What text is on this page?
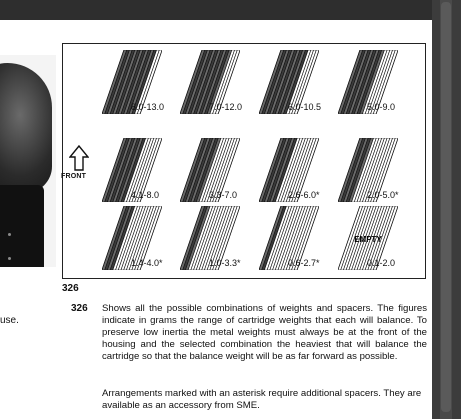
use.
8.0-13.0	7.0-12.0	6.0-10.5	5.0-9.0
4.1-8.0	3.3-7.0	2.6-6.0*	2.0-5.0*
1.4-4.0*	1.0-3.3*	0.6-2.7*
EMPTY
0.1-2.0
FRONT
326
326 Shows all the possible combinations of weights and spacers. The figures indicate in grams the range of cartridge weights that each will balance. To preserve low inertia the metal weights must always be at the front of the housing and the selected combination the heaviest that will balance the cartridge so that the balance weight will be as far forward as possible.

Arrangements marked with an asterisk require additional spacers. They are available as an accessory from SME.
